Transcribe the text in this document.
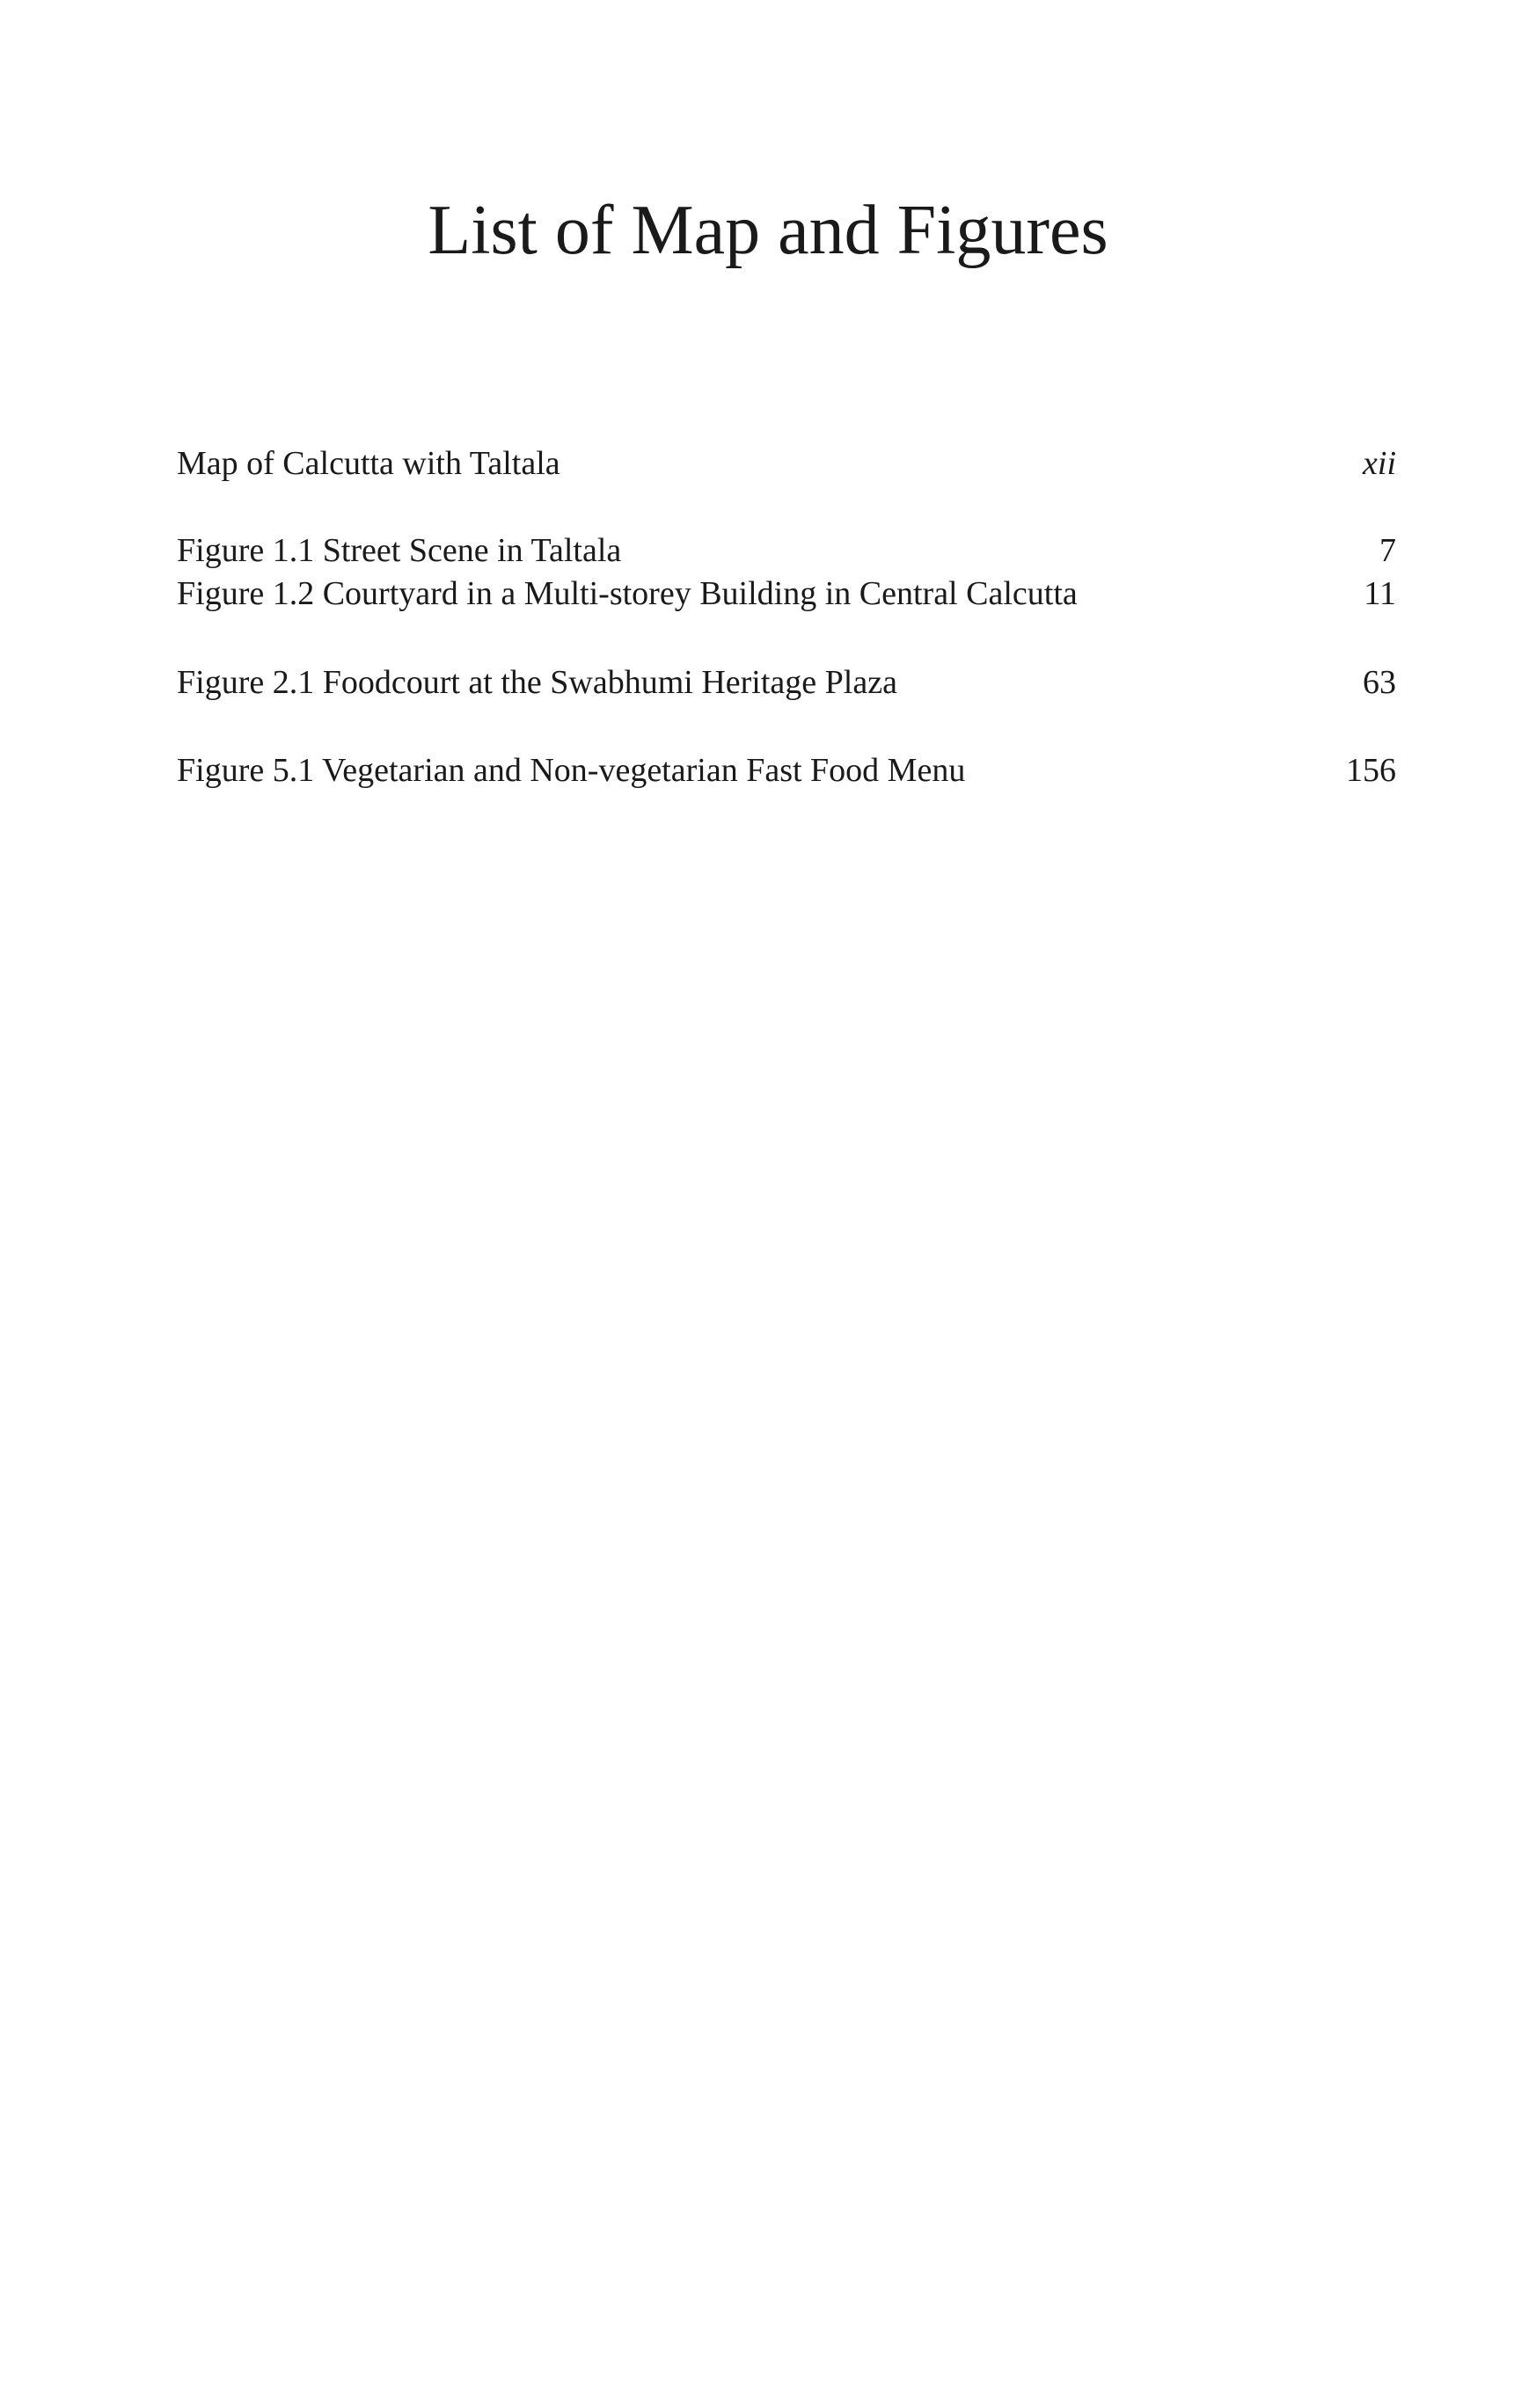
List of Map and Figures
Map of Calcutta with Taltala	xii
Figure 1.1 Street Scene in Taltala	7
Figure 1.2 Courtyard in a Multi-storey Building in Central Calcutta	11
Figure 2.1 Foodcourt at the Swabhumi Heritage Plaza	63
Figure 5.1 Vegetarian and Non-vegetarian Fast Food Menu	156
